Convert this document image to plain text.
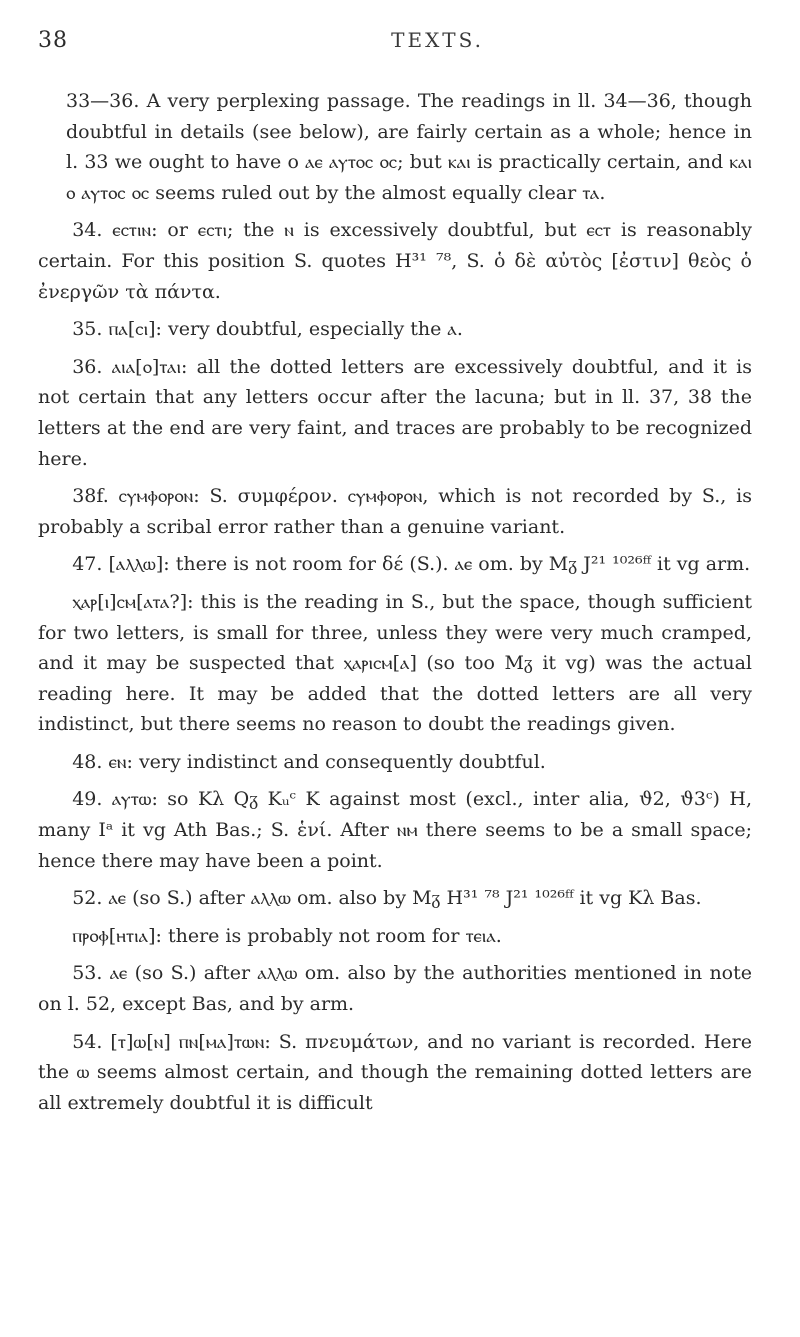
38	TEXTS.

33—36. A very perplexing passage. The readings in ll. 34—36, though doubtful in details (see below), are fairly certain as a whole; hence in l. 33 we ought to have ο ⲁⲉ ⲁⲩⲧⲟⲥ ⲟⲥ; but ⲕⲁⲓ is practically certain, and ⲕⲁⲓ ⲟ ⲁⲩⲧⲟⲥ ⲟⲥ seems ruled out by the almost equally clear ⲧⲁ.

34. ⲉⲥⲧⲓⲛ: or ⲉⲥⲧⲓ; the ⲛ is excessively doubtful, but ⲉⲥⲧ is reasonably certain. For this position S. quotes H³¹ ⁷⁸, S. ὁ δὲ αὐτὸς [ἐστιν] θεὸς ὁ ἐνεργῶν τὰ πάντα.

35. ⲡⲁ[ⲥⲓ]: very doubtful, especially the ⲁ.

36. ⲁⲓⲁ[ⲟ]ⲧⲁⲓ: all the dotted letters are excessively doubtful, and it is not certain that any letters occur after the lacuna; but in ll. 37, 38 the letters at the end are very faint, and traces are probably to be recognized here.

38f. ⲥⲩⲙⲫⲟⲣⲟⲛ: S. συμφέρον. ⲥⲩⲙⲫⲟⲣⲟⲛ, which is not recorded by S., is probably a scribal error rather than a genuine variant.

47. [ⲁⲗⲗⲱ]: there is not room for δέ (S.). ⲁⲉ om. by Mᵹ J²¹ ¹⁰²⁶ᶠᶠ it vg arm.

ⲭⲁⲣ[ⲓ]ⲥⲙ[ⲁⲧⲁ?]: this is the reading in S., but the space, though sufficient for two letters, is small for three, unless they were very much cramped, and it may be suspected that ⲭⲁⲣⲓⲥⲙ[ⲁ] (so too Mᵹ it vg) was the actual reading here. It may be added that the dotted letters are all very indistinct, but there seems no reason to doubt the readings given.

48. ⲉⲛ: very indistinct and consequently doubtful.

49. ⲁⲩⲧⲱ: so Kλ Qᵹ Kᵤᶜ K against most (excl., inter alia, ϑ2, ϑ3ᶜ) H, many Iᵃ it vg Ath Bas.; S. ἑνί. After ⲛⲙ there seems to be a small space; hence there may have been a point.

52. ⲁⲉ (so S.) after ⲁⲗⲗⲱ om. also by Mᵹ H³¹ ⁷⁸ J²¹ ¹⁰²⁶ᶠᶠ it vg Kλ Bas.

ⲡⲣⲟⲫ[ⲏⲧⲓⲁ]: there is probably not room for ⲧⲉⲓⲁ.

53. ⲁⲉ (so S.) after ⲁⲗⲗⲱ om. also by the authorities mentioned in note on l. 52, except Bas, and by arm.

54. [ⲧ]ⲱ[ⲛ] ⲡⲛ[ⲙⲁ]ⲧⲱⲛ: S. πνευμάτων, and no variant is recorded. Here the ⲱ seems almost certain, and though the remaining dotted letters are all extremely doubtful it is difficult
